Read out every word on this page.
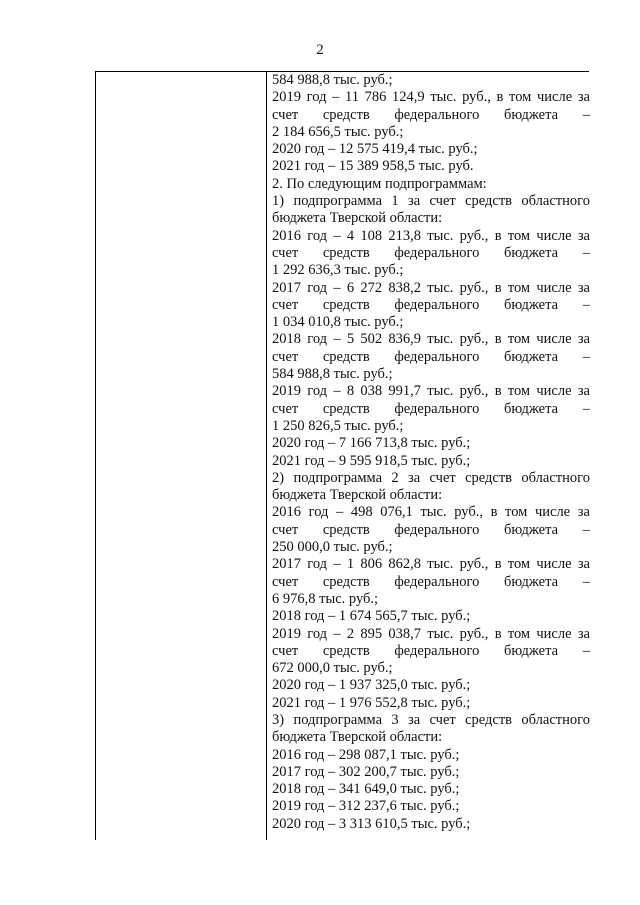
2
584 988,8 тыс. руб.;
2019 год – 11 786 124,9 тыс. руб., в том числе за
счет средств федерального бюджета –
2 184 656,5 тыс. руб.;
2020 год – 12 575 419,4 тыс. руб.;
2021 год – 15 389 958,5 тыс. руб.
2. По следующим подпрограммам:
1) подпрограмма 1 за счет средств областного
бюджета Тверской области:
2016 год – 4 108 213,8 тыс. руб., в том числе за
счет средств федерального бюджета –
1 292 636,3 тыс. руб.;
2017 год – 6 272 838,2 тыс. руб., в том числе за
счет средств федерального бюджета –
1 034 010,8 тыс. руб.;
2018 год – 5 502 836,9 тыс. руб., в том числе за
счет средств федерального бюджета –
584 988,8 тыс. руб.;
2019 год – 8 038 991,7 тыс. руб., в том числе за
счет средств федерального бюджета –
1 250 826,5 тыс. руб.;
2020 год – 7 166 713,8 тыс. руб.;
2021 год – 9 595 918,5 тыс. руб.;
2) подпрограмма 2 за счет средств областного
бюджета Тверской области:
2016 год – 498 076,1 тыс. руб., в том числе за
счет средств федерального бюджета –
250 000,0 тыс. руб.;
2017 год – 1 806 862,8 тыс. руб., в том числе за
счет средств федерального бюджета –
6 976,8 тыс. руб.;
2018 год – 1 674 565,7 тыс. руб.;
2019 год – 2 895 038,7 тыс. руб., в том числе за
счет средств федерального бюджета –
672 000,0 тыс. руб.;
2020 год – 1 937 325,0 тыс. руб.;
2021 год – 1 976 552,8 тыс. руб.;
3) подпрограмма 3 за счет средств областного
бюджета Тверской области:
2016 год – 298 087,1 тыс. руб.;
2017 год – 302 200,7 тыс. руб.;
2018 год – 341 649,0 тыс. руб.;
2019 год – 312 237,6 тыс. руб.;
2020 год – 3 313 610,5 тыс. руб.;
